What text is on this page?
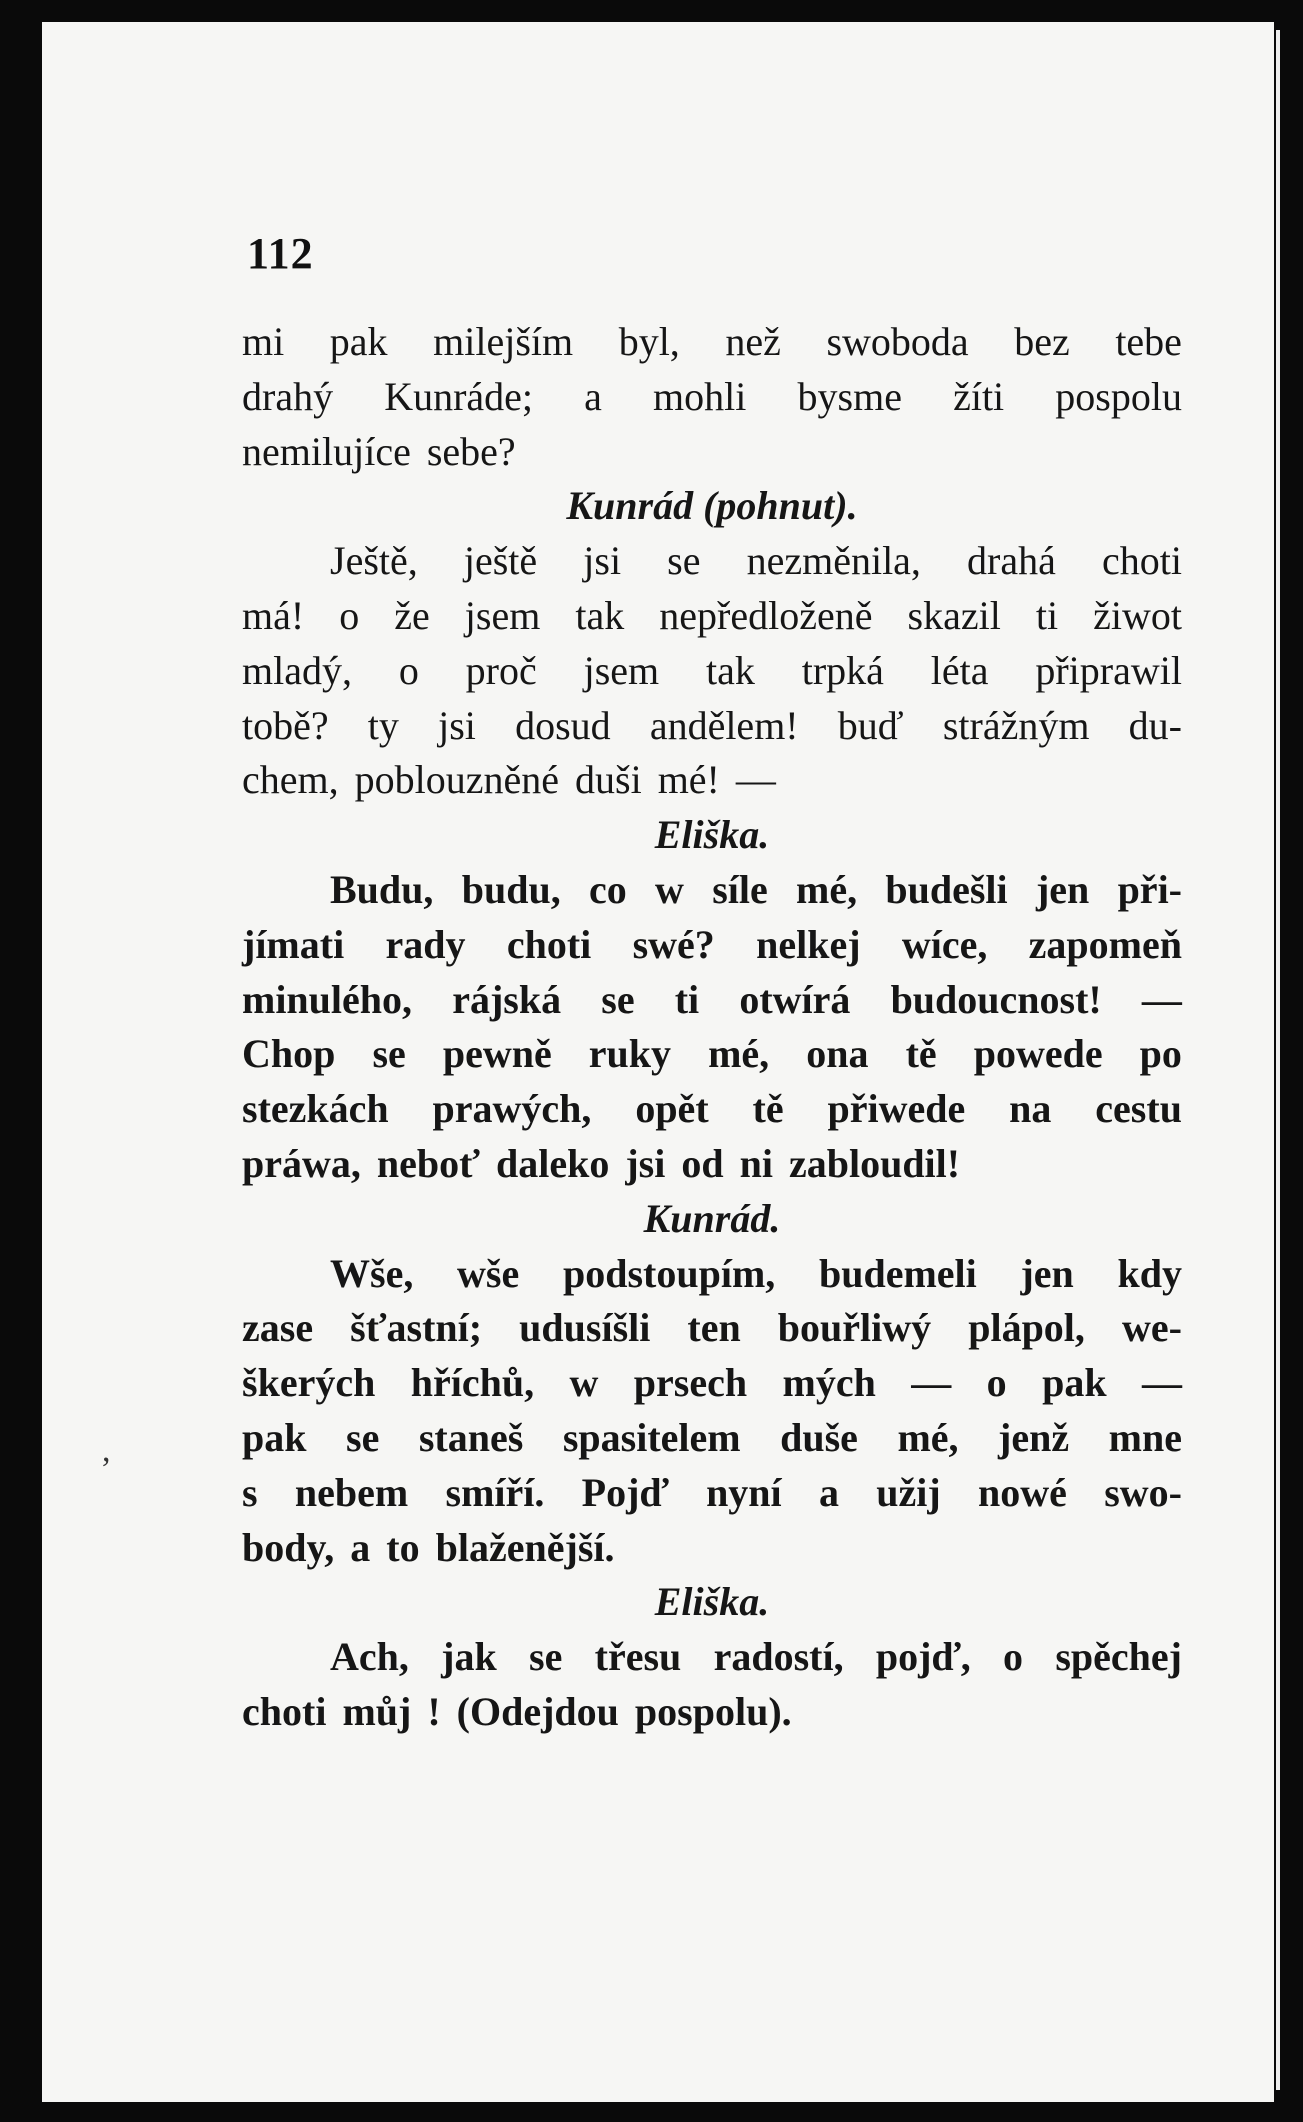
112
,
mi pak milejším byl, než swoboda bez tebe
drahý Kunráde; a mohli bysme žíti pospolu
nemilujíce sebe?
Kunrád (pohnut).
Ještě, ještě jsi se nezměnila, drahá choti
má! o že jsem tak nepředloženě skazil ti žiwot
mladý, o proč jsem tak trpká léta připrawil
tobě? ty jsi dosud andělem! buď strážným du-
chem, poblouzněné duši mé! —
Eliška.
Budu, budu, co w síle mé, budešli jen při-
jímati rady choti swé? nelkej wíce, zapomeň
minulého, rájská se ti otwírá budoucnost! —
Chop se pewně ruky mé, ona tě powede po
stezkách prawých, opět tě přiwede na cestu
práwa, neboť daleko jsi od ni zabloudil!
Kunrád.
Wše, wše podstoupím, budemeli jen kdy
zase šťastní; udusíšli ten bouřliwý plápol, we-
škerých hříchů, w prsech mých — o pak —
pak se staneš spasitelem duše mé, jenž mne
s nebem smíří. Pojď nyní a užij nowé swo-
body, a to blaženější.
Eliška.
Ach, jak se třesu radostí, pojď, o spěchej
choti můj ! (Odejdou pospolu).
